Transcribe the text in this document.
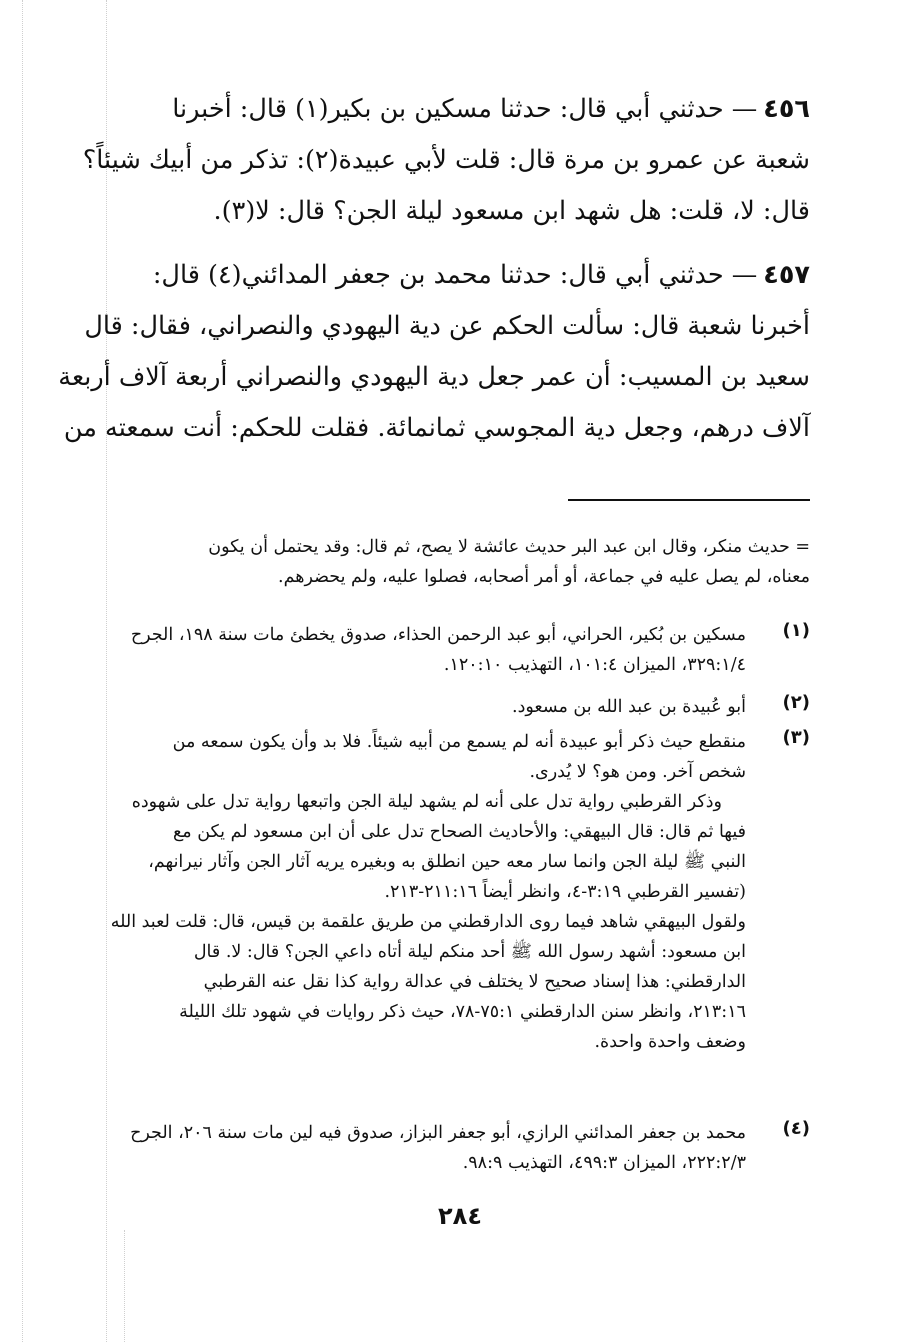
٤٥٦— حدثني أبي قال: حدثنا مسكين بن بكير(١) قال: أخبرنا
شعبة عن عمرو بن مرة قال: قلت لأبي عبيدة(٢): تذكر من أبيك شيئاً؟
قال: لا، قلت: هل شهد ابن مسعود ليلة الجن؟ قال: لا(٣).
٤٥٧— حدثني أبي قال: حدثنا محمد بن جعفر المدائني(٤) قال:
أخبرنا شعبة قال: سألت الحكم عن دية اليهودي والنصراني، فقال: قال
سعيد بن المسيب: أن عمر جعل دية اليهودي والنصراني أربعة آلاف أربعة
آلاف درهم، وجعل دية المجوسي ثمانمائة. فقلت للحكم: أنت سمعته من
= حديث منكر، وقال ابن عبد البر حديث عائشة لا يصح، ثم قال: وقد يحتمل أن يكون
معناه، لم يصل عليه في جماعة، أو أمر أصحابه، فصلوا عليه، ولم يحضرهم.
(١)
مسكين بن بُكير، الحراني، أبو عبد الرحمن الحذاء، صدوق يخطئ مات سنة ١٩٨، الجرح
٣٢٩:١/٤، الميزان ١٠١:٤، التهذيب ١٢٠:١٠.
(٢)
أبو عُبيدة بن عبد الله بن مسعود.
(٣)
منقطع حيث ذكر أبو عبيدة أنه لم يسمع من أبيه شيئاً. فلا بد وأن يكون سمعه من
شخص آخر. ومن هو؟ لا يُدرى.
وذكر القرطبي رواية تدل على أنه لم يشهد ليلة الجن واتبعها رواية تدل على شهوده
فيها ثم قال: قال البيهقي: والأحاديث الصحاح تدل على أن ابن مسعود لم يكن مع
النبي ﷺ ليلة الجن وانما سار معه حين انطلق به وبغيره يريه آثار الجن وآثار نيرانهم،
(تفسير القرطبي ٣:١٩-٤، وانظر أيضاً ٢١١:١٦-٢١٣.
ولقول البيهقي شاهد فيما روى الدارقطني من طريق علقمة بن قيس، قال: قلت لعبد الله
ابن مسعود: أشهد رسول الله ﷺ أحد منكم ليلة أتاه داعي الجن؟ قال: لا. قال
الدارقطني: هذا إسناد صحيح لا يختلف في عدالة رواية كذا نقل عنه القرطبي
٢١٣:١٦، وانظر سنن الدارقطني ٧٥:١-٧٨، حيث ذكر روايات في شهود تلك الليلة
وضعف واحدة واحدة.
(٤)
محمد بن جعفر المدائني الرازي، أبو جعفر البزاز، صدوق فيه لين مات سنة ٢٠٦، الجرح
٢٢٢:٢/٣، الميزان ٤٩٩:٣، التهذيب ٩٨:٩.
٢٨٤
